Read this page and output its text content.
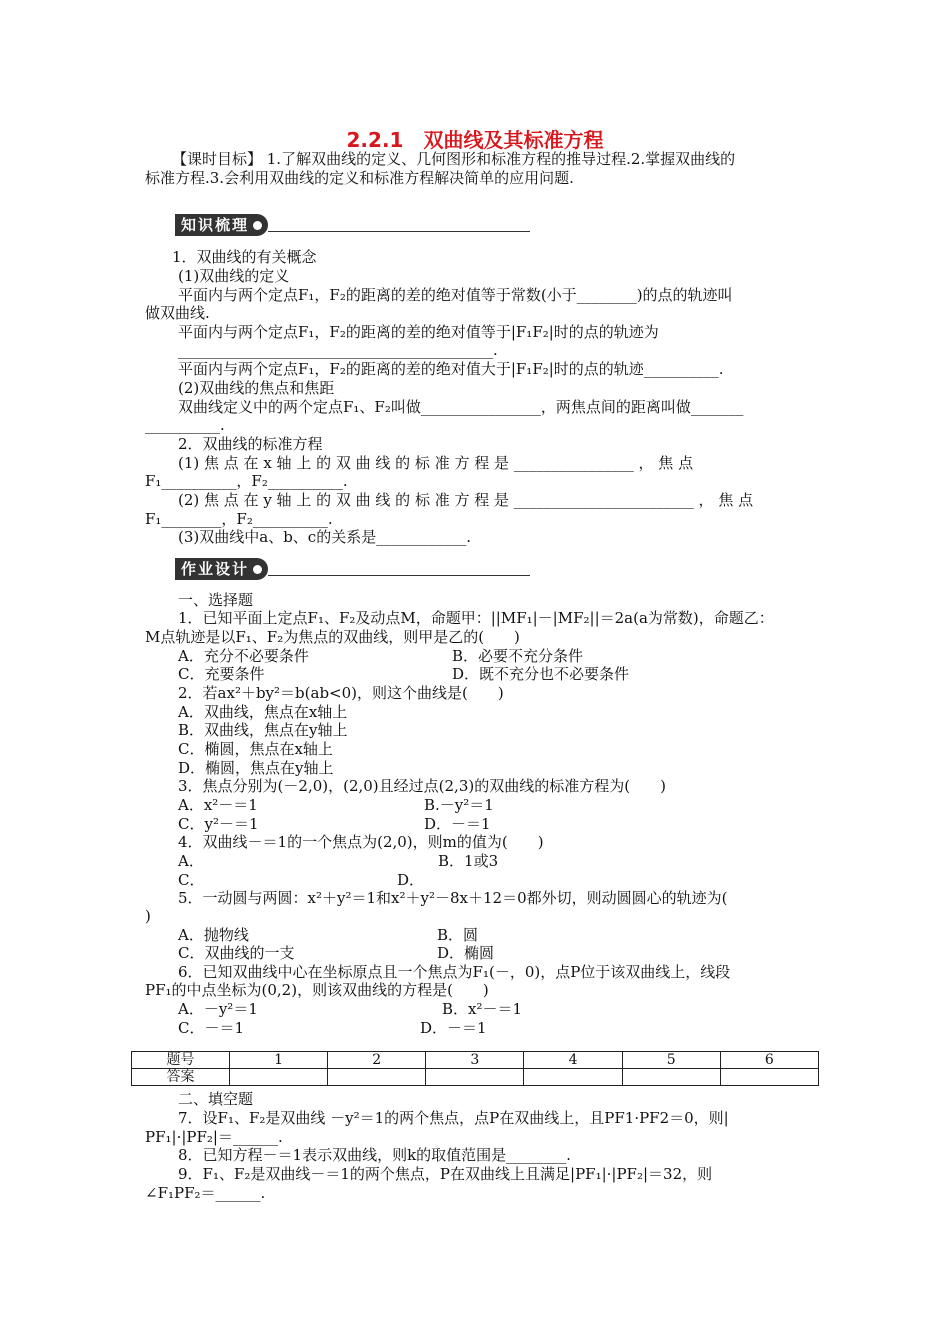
2.2.1　双曲线及其标准方程
【课时目标】 1.了解双曲线的定义、几何图形和标准方程的推导过程.2.掌握双曲线的
标准方程.3.会利用双曲线的定义和标准方程解决简单的应用问题.
知识梳理
1．双曲线的有关概念
(1)双曲线的定义
平面内与两个定点F₁，F₂的距离的差的绝对值等于常数(小于________)的点的轨迹叫
做双曲线.
平面内与两个定点F₁，F₂的距离的差的绝对值等于|F₁F₂|时的点的轨迹为
__________________________________________.
平面内与两个定点F₁，F₂的距离的差的绝对值大于|F₁F₂|时的点的轨迹__________.
(2)双曲线的焦点和焦距
双曲线定义中的两个定点F₁、F₂叫做________________，两焦点间的距离叫做_______
__________.
2．双曲线的标准方程
(1) 焦 点 在 x 轴 上 的 双 曲 线 的 标 准 方 程 是 ________________ ， 焦 点
F₁__________，F₂__________.
(2) 焦 点 在 y 轴 上 的 双 曲 线 的 标 准 方 程 是 ________________________ ， 焦 点
F₁________，F₂__________.
(3)双曲线中a、b、c的关系是____________.
作业设计
一、选择题
1．已知平面上定点F₁、F₂及动点M，命题甲：||MF₁|－|MF₂||＝2a(a为常数)，命题乙：
M点轨迹是以F₁、F₂为焦点的双曲线，则甲是乙的(　　)
A．充分不必要条件	B．必要不充分条件
C．充要条件	D．既不充分也不必要条件
2．若ax²＋by²＝b(ab<0)，则这个曲线是(　　)
A．双曲线，焦点在x轴上
B．双曲线，焦点在y轴上
C．椭圆，焦点在x轴上
D．椭圆，焦点在y轴上
3．焦点分别为(－2,0)，(2,0)且经过点(2,3)的双曲线的标准方程为(　　)
A．x²－＝1	B.－y²＝1
C．y²－＝1	D．－＝1
4．双曲线－＝1的一个焦点为(2,0)，则m的值为(　　)
A．	B．1或3
C．	D．
5．一动圆与两圆：x²＋y²＝1和x²＋y²－8x＋12＝0都外切，则动圆圆心的轨迹为(
)
A．抛物线	B．圆
C．双曲线的一支	D．椭圆
6．已知双曲线中心在坐标原点且一个焦点为F₁(－，0)，点P位于该双曲线上，线段
PF₁的中点坐标为(0,2)，则该双曲线的方程是(　　)
A．－y²＝1	B．x²－＝1
C．－＝1	D．－＝1
题号	1	2	3	4	5	6
答案						
二、填空题
7．设F₁、F₂是双曲线 －y²＝1的两个焦点，点P在双曲线上，且PF1·PF2＝0，则|
PF₁|·|PF₂|＝______.
8．已知方程－＝1表示双曲线，则k的取值范围是________.
9．F₁、F₂是双曲线－＝1的两个焦点，P在双曲线上且满足|PF₁|·|PF₂|＝32，则
∠F₁PF₂＝______.
